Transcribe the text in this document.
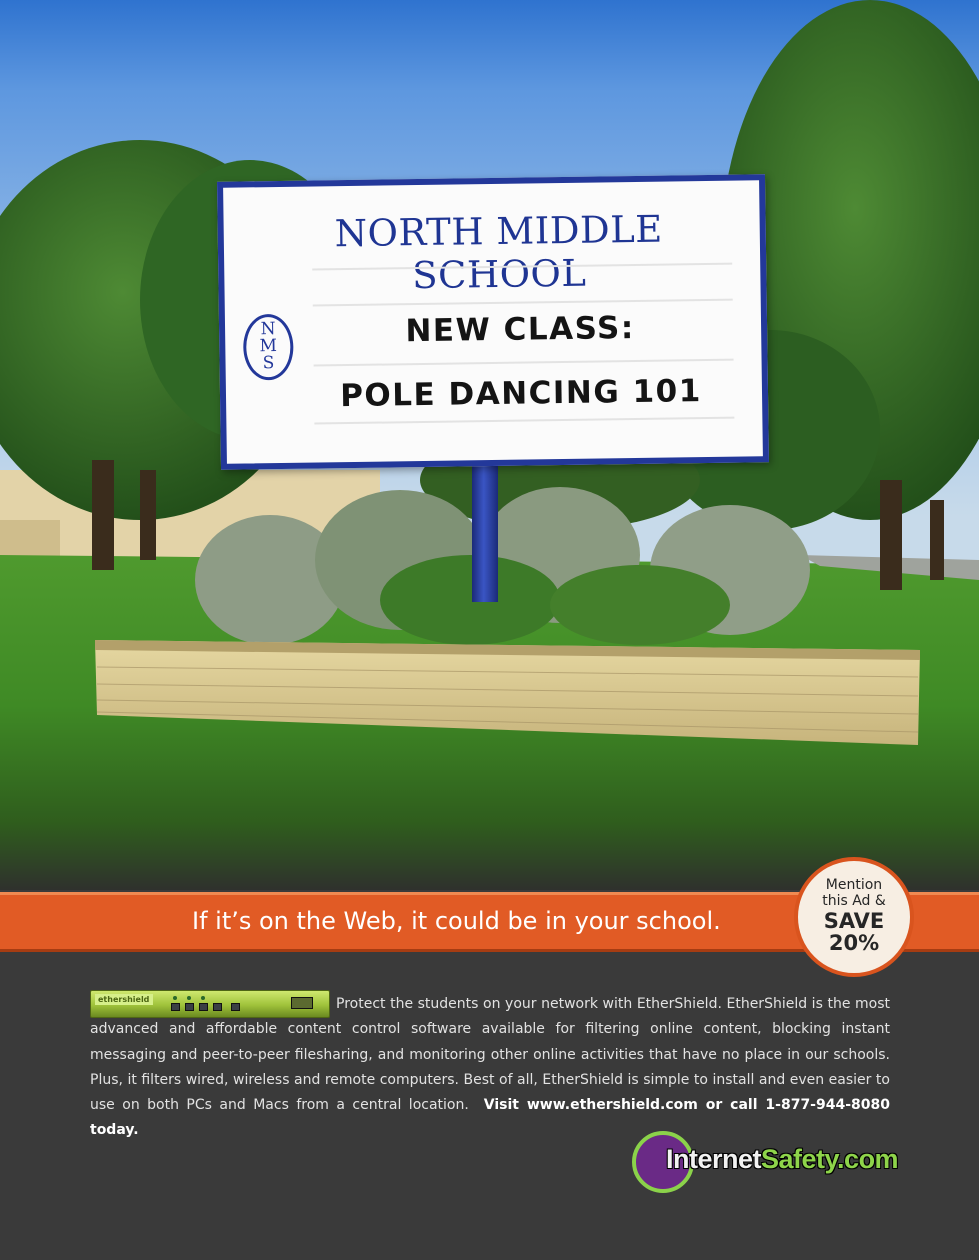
NORTH MIDDLE SCHOOL
N
M
S
NEW CLASS:
POLE DANCING 101
If it’s on the Web, it could be in your school.
Mention
this Ad &
SAVE
20%
ethershield	Protect the students on your network with EtherShield. EtherShield is the most advanced and affordable content control software available for filtering online content, blocking instant messaging and peer-to-peer filesharing, and monitoring other online activities that have no place in our schools. Plus, it filters wired, wireless and remote computers. Best of all, EtherShield is simple to install and even easier to use on both PCs and Macs from a central location. Visit www.ethershield.com or call 1-877-944-8080 today.
InternetSafety.com
